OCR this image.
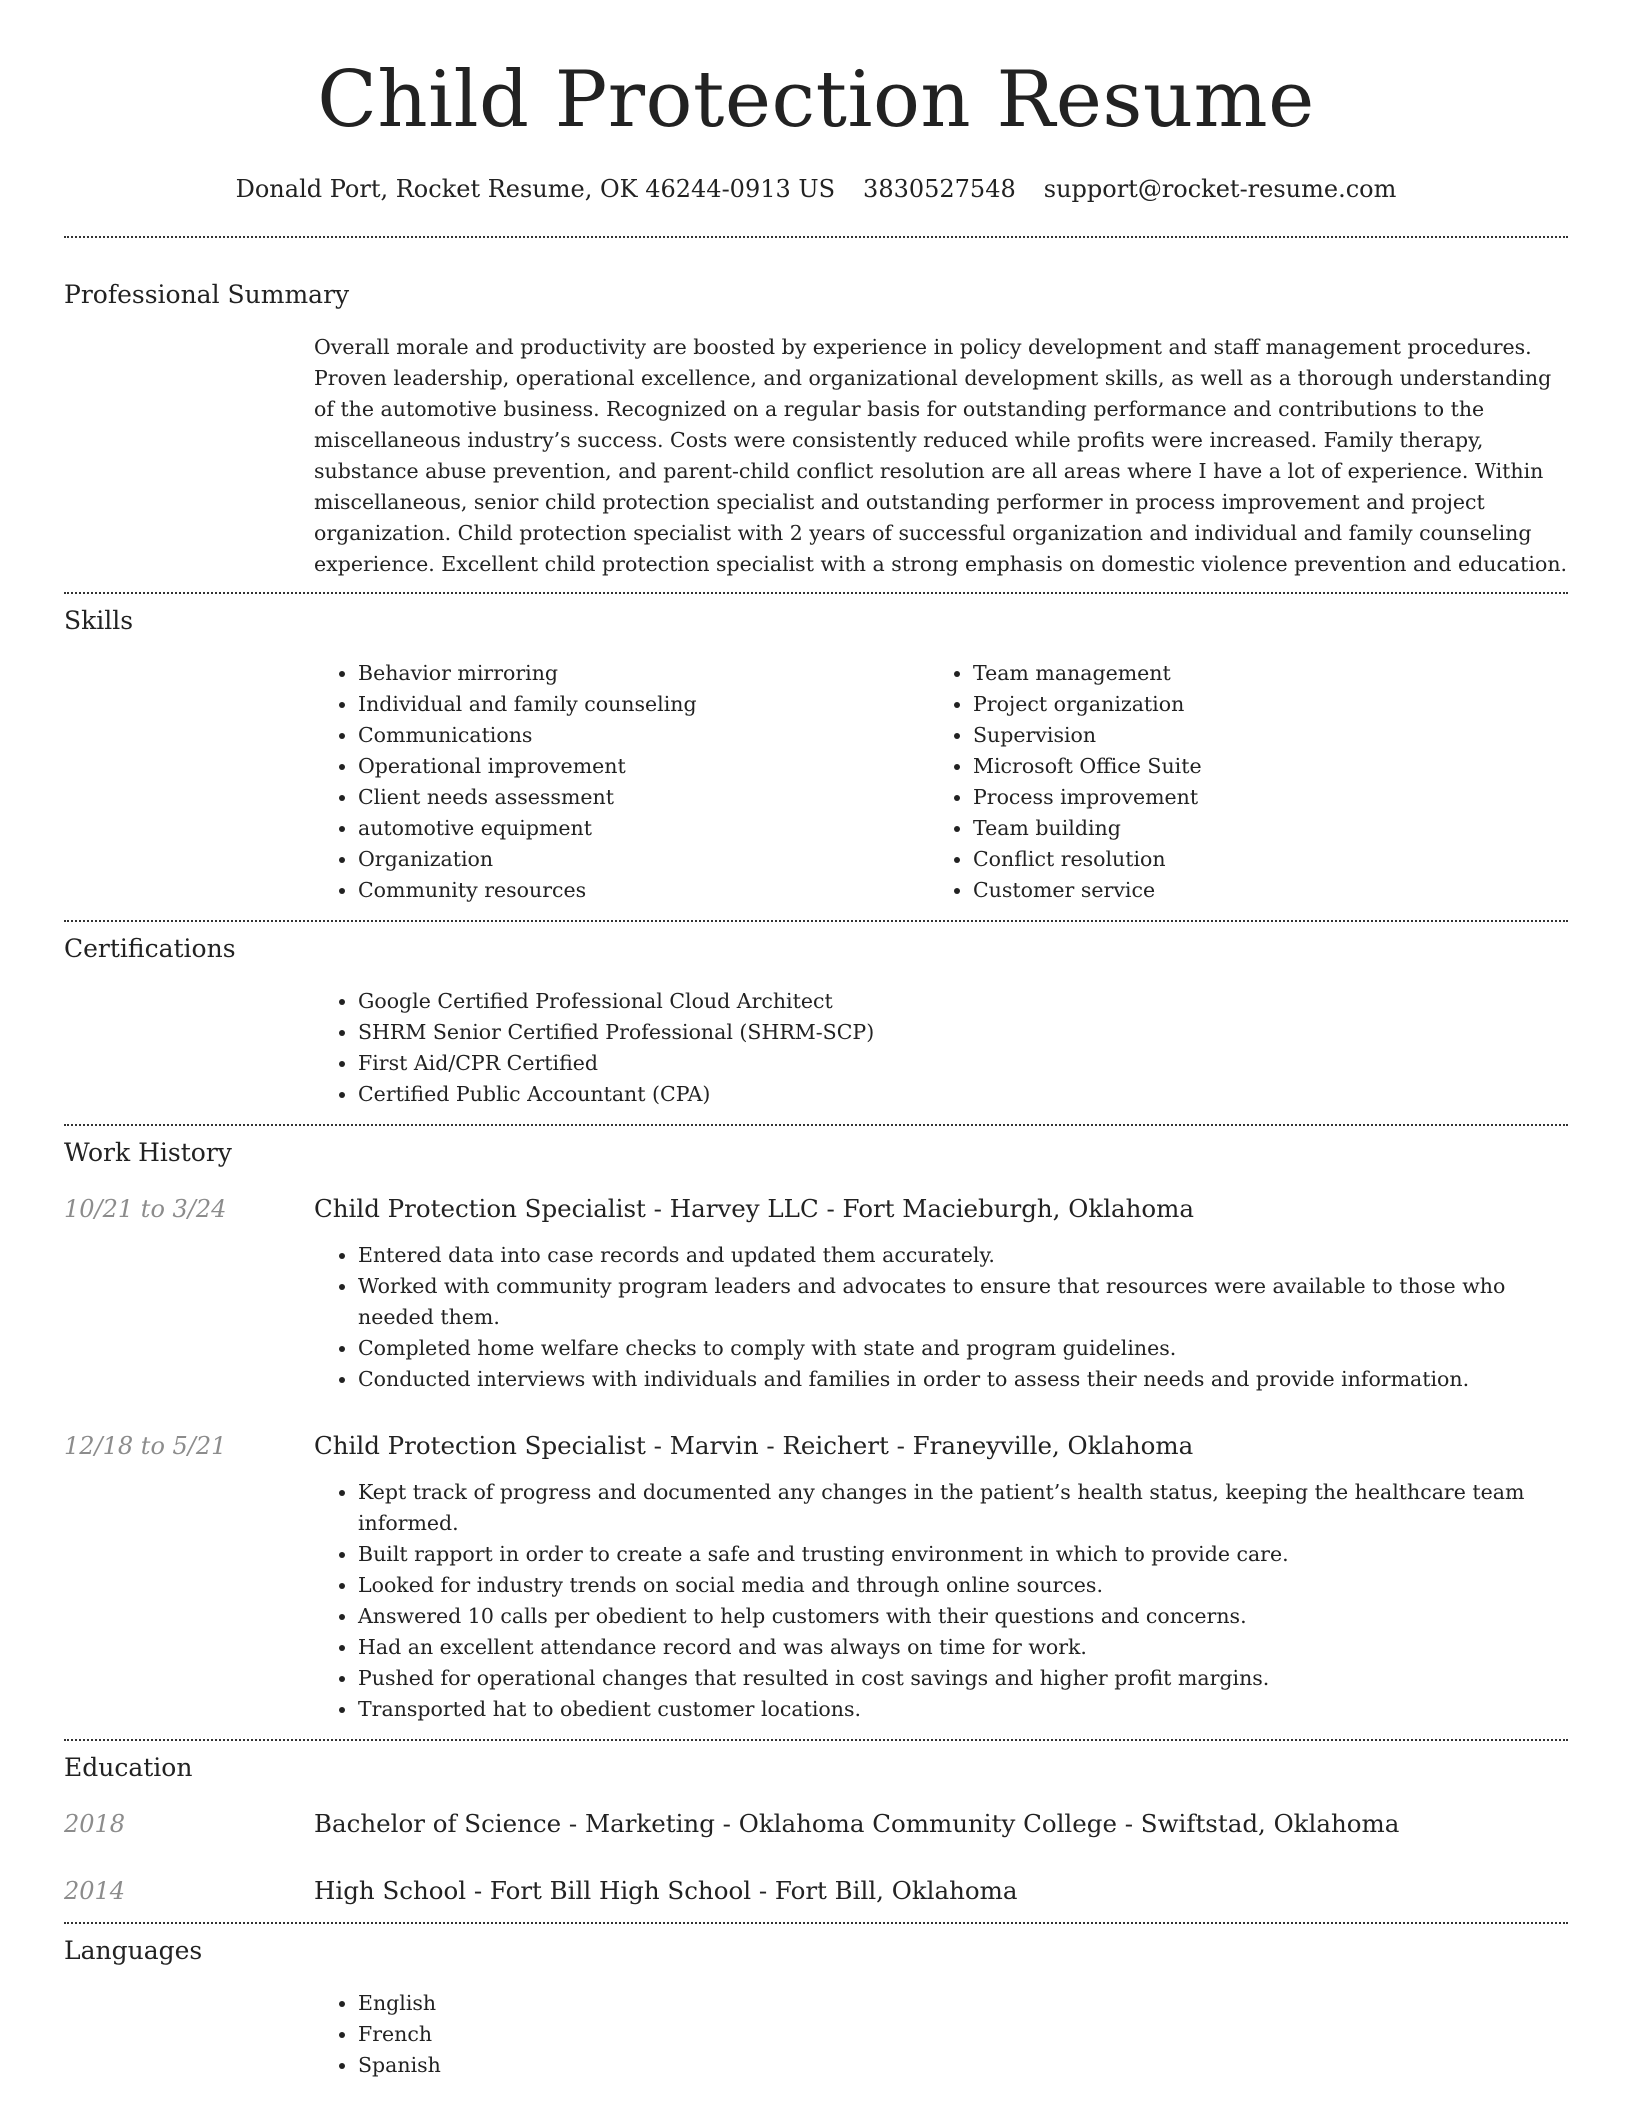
Child Protection Resume
Donald Port, Rocket Resume, OK 46244-0913 US 3830527548 support@rocket-resume.com
Professional Summary
Overall morale and productivity are boosted by experience in policy development and staff management procedures. Proven leadership, operational excellence, and organizational development skills, as well as a thorough understanding of the automotive business. Recognized on a regular basis for outstanding performance and contributions to the miscellaneous industry’s success. Costs were consistently reduced while profits were increased. Family therapy, substance abuse prevention, and parent-child conflict resolution are all areas where I have a lot of experience. Within miscellaneous, senior child protection specialist and outstanding performer in process improvement and project organization. Child protection specialist with 2 years of successful organization and individual and family counseling experience. Excellent child protection specialist with a strong emphasis on domestic violence prevention and education.
Skills
• Behavior mirroring
• Individual and family counseling
• Communications
• Operational improvement
• Client needs assessment
• automotive equipment
• Organization
• Community resources
• Team management
• Project organization
• Supervision
• Microsoft Office Suite
• Process improvement
• Team building
• Conflict resolution
• Customer service
Certifications
• Google Certified Professional Cloud Architect
• SHRM Senior Certified Professional (SHRM-SCP)
• First Aid/CPR Certified
• Certified Public Accountant (CPA)
Work History
10/21 to 3/24	Child Protection Specialist - Harvey LLC - Fort Macieburgh, Oklahoma
• Entered data into case records and updated them accurately.
• Worked with community program leaders and advocates to ensure that resources were available to those who needed them.
• Completed home welfare checks to comply with state and program guidelines.
• Conducted interviews with individuals and families in order to assess their needs and provide information.
12/18 to 5/21	Child Protection Specialist - Marvin - Reichert - Franeyville, Oklahoma
• Kept track of progress and documented any changes in the patient’s health status, keeping the healthcare team informed.
• Built rapport in order to create a safe and trusting environment in which to provide care.
• Looked for industry trends on social media and through online sources.
• Answered 10 calls per obedient to help customers with their questions and concerns.
• Had an excellent attendance record and was always on time for work.
• Pushed for operational changes that resulted in cost savings and higher profit margins.
• Transported hat to obedient customer locations.
Education
2018	Bachelor of Science - Marketing - Oklahoma Community College - Swiftstad, Oklahoma
2014	High School - Fort Bill High School - Fort Bill, Oklahoma
Languages
• English
• French
• Spanish
